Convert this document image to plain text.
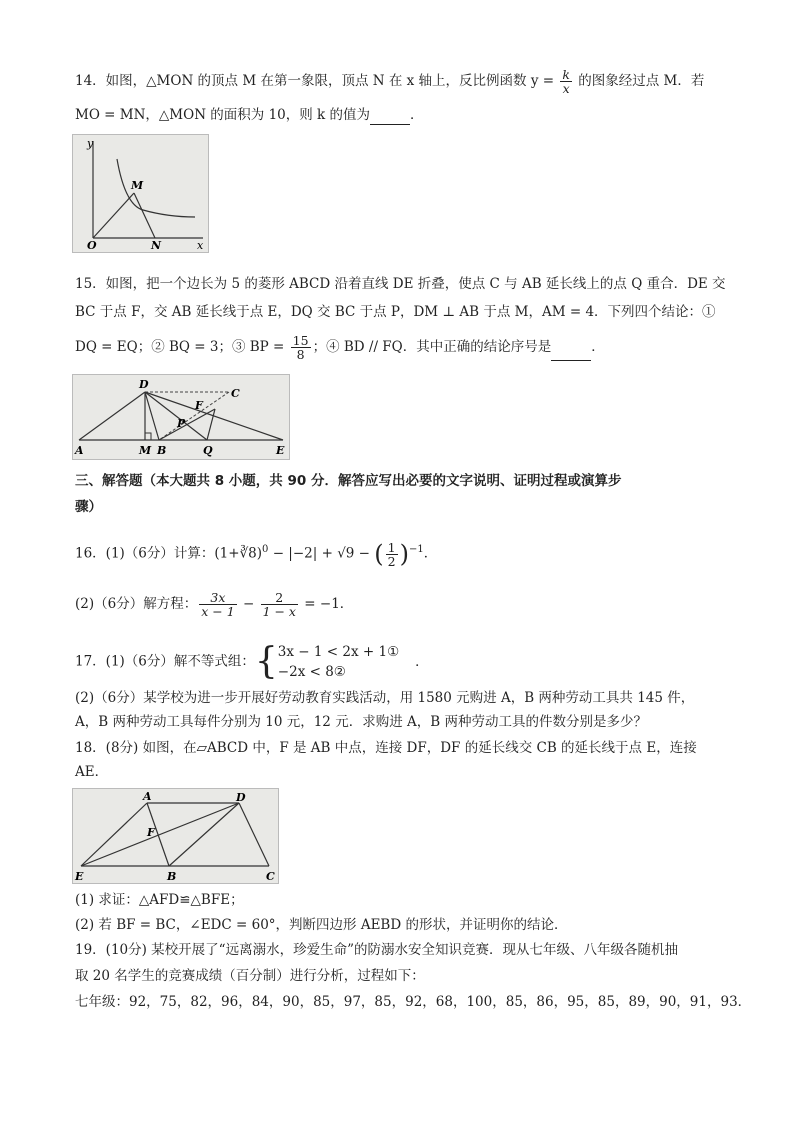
14．如图，△MON 的顶点 M 在第一象限，顶点 N 在 x 轴上，反比例函数 $y = \frac{k}{x}$ 的图象经过点 M．若
MO = MN，△MON 的面积为 10，则 k 的值为	．
y
x
O
M
N
15．如图，把一个边长为 5 的菱形 ABCD 沿着直线 DE 折叠，使点 C 与 AB 延长线上的点 Q 重合．DE 交
BC 于点 F，交 AB 延长线于点 E，DQ 交 BC 于点 P，DM ⊥ AB 于点 M，AM = 4．下列四个结论：①
DQ = EQ；② BQ = 3；③ BP = $\frac{15}{8}$ ；④ BD // FQ．其中正确的结论序号是	．
D
C
F
P
A	M B	Q	E
三、解答题（本大题共 8 小题，共 90 分．解答应写出必要的文字说明、证明过程或演算步
骤）
16．(1)（6分）计算：(1+∛8)$^0$ − |−2| + √9 − ( $\frac{1}{2} )^{-1}$．
(2)（6分）解方程： $\frac{3x}{x - 1} - \frac{2}{1 - x} = -1$．
17．(1)（6分）解不等式组：{ 3x − 1 < 2x + 1①
−2x < 8②
．
(2)（6分）某学校为进一步开展好劳动教育实践活动，用 1580 元购进 A，B 两种劳动工具共 145 件，
A，B 两种劳动工具每件分别为 10 元，12 元．求购进 A，B 两种劳动工具的件数分别是多少？
18．(8分) 如图，在▱ABCD 中，F 是 AB 中点，连接 DF，DF 的延长线交 CB 的延长线于点 E，连接
AE．
A	D
F
E	B	C
(1) 求证：△AFD≌△BFE；
(2) 若 BF = BC，∠EDC = 60°，判断四边形 AEBD 的形状，并证明你的结论．
19．(10分) 某校开展了“远离溺水，珍爱生命”的防溺水安全知识竞赛．现从七年级、八年级各随机抽
取 20 名学生的竞赛成绩（百分制）进行分析，过程如下：
七年级：92，75，82，96，84，90，85，97，85，92，68，100，85，86，95，85，89，90，91，93．
